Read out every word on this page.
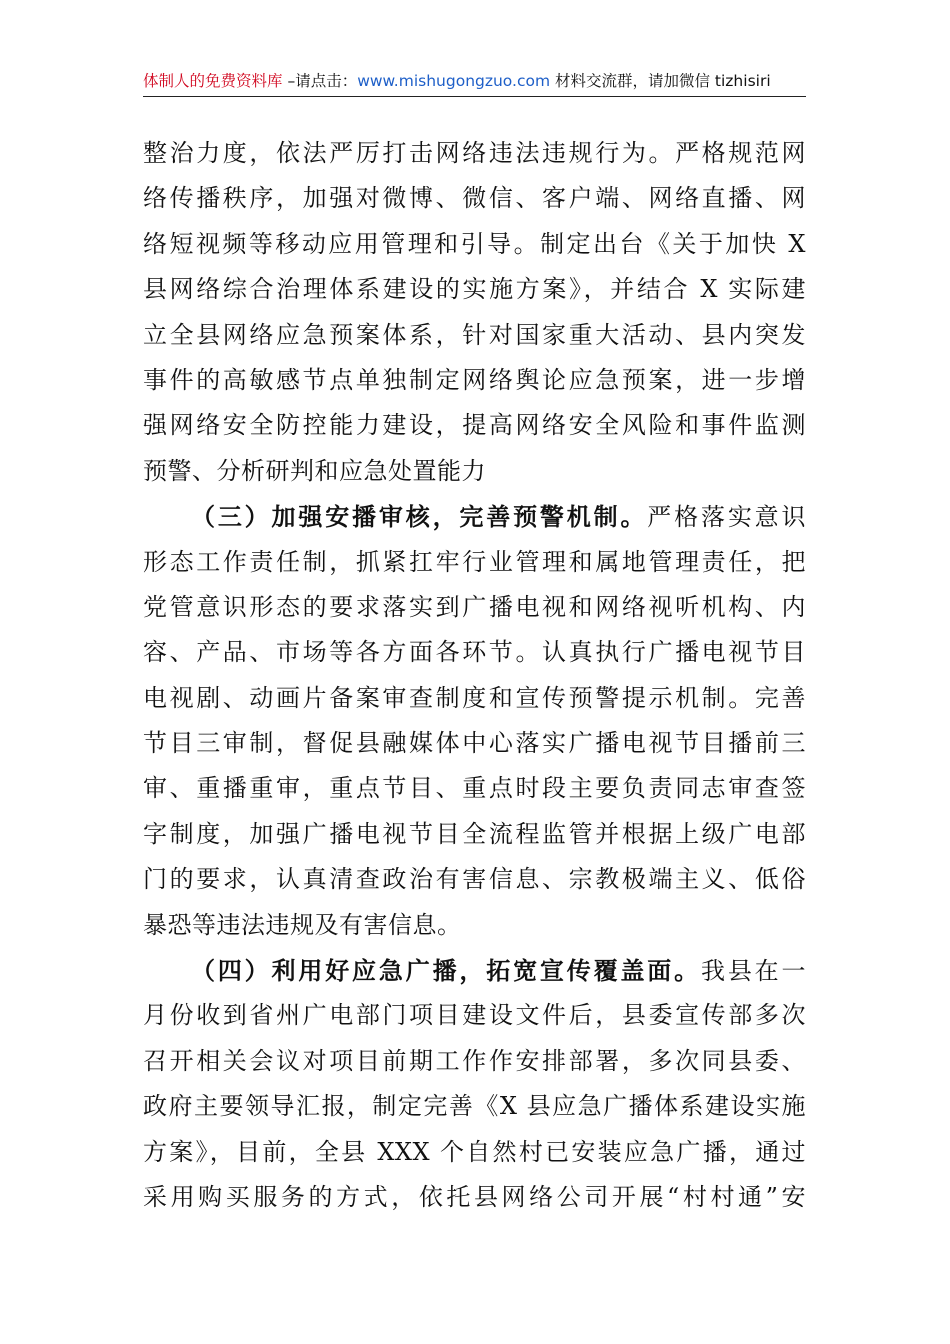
体制人的免费资料库 –请点击：www.mishugongzuo.com 材料交流群，请加微信 tizhisiri
整治力度，依法严厉打击网络违法违规行为。严格规范网
络传播秩序，加强对微博、微信、客户端、网络直播、网
络短视频等移动应用管理和引导。制定出台《关于加快 X
县网络综合治理体系建设的实施方案》，并结合 X 实际建
立全县网络应急预案体系，针对国家重大活动、县内突发
事件的高敏感节点单独制定网络舆论应急预案，进一步增
强网络安全防控能力建设，提高网络安全风险和事件监测
预警、分析研判和应急处置能力
（三）加强安播审核，完善预警机制。严格落实意识
形态工作责任制，抓紧扛牢行业管理和属地管理责任，把
党管意识形态的要求落实到广播电视和网络视听机构、内
容、产品、市场等各方面各环节。认真执行广播电视节目
电视剧、动画片备案审查制度和宣传预警提示机制。完善
节目三审制，督促县融媒体中心落实广播电视节目播前三
审、重播重审，重点节目、重点时段主要负责同志审查签
字制度，加强广播电视节目全流程监管并根据上级广电部
门的要求，认真清查政治有害信息、宗教极端主义、低俗
暴恐等违法违规及有害信息。
（四）利用好应急广播，拓宽宣传覆盖面。我县在一
月份收到省州广电部门项目建设文件后，县委宣传部多次
召开相关会议对项目前期工作作安排部署，多次同县委、
政府主要领导汇报，制定完善《X 县应急广播体系建设实施
方案》，目前，全县 XXX 个自然村已安装应急广播，通过
采用购买服务的方式，依托县网络公司开展“村村通”安
